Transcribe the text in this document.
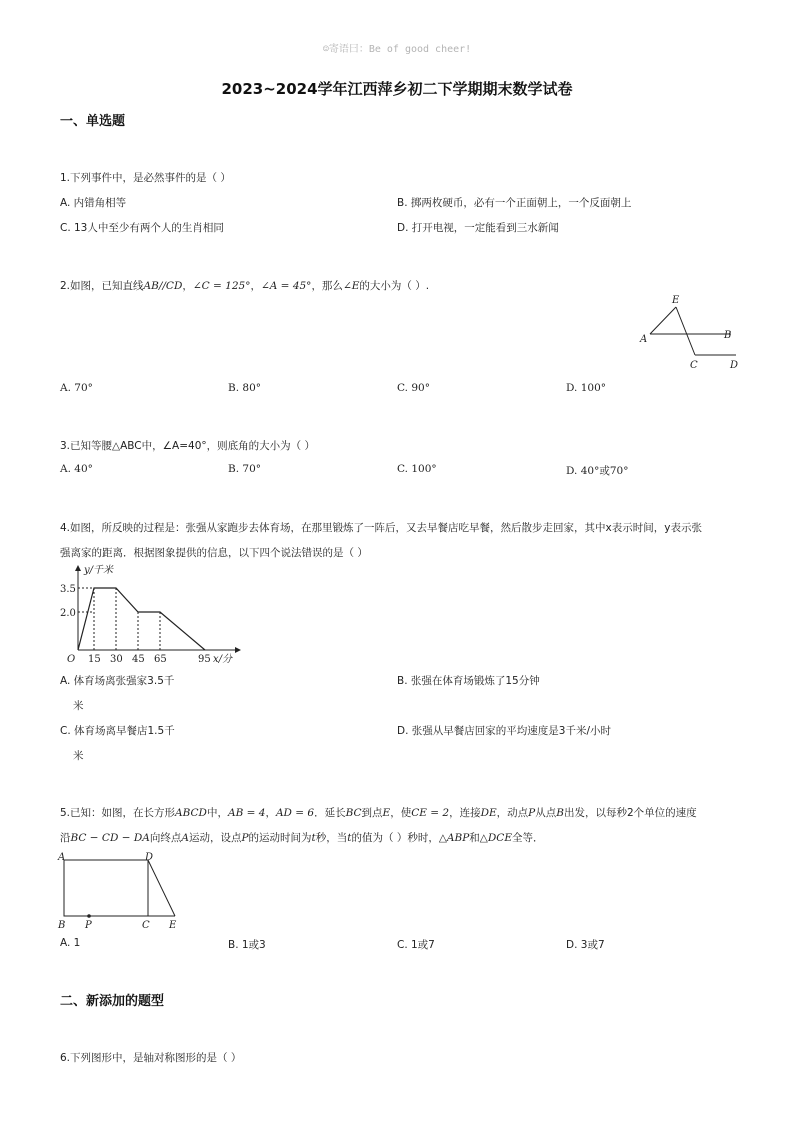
☺寄语曰：Be of good cheer!
2023~2024学年江西萍乡初二下学期期末数学试卷
一、单选题
1.下列事件中，是必然事件的是（ ）
A. 内错角相等	B. 掷两枚硬币，必有一个正面朝上，一个反面朝上
C. 13人中至少有两个人的生肖相同	D. 打开电视，一定能看到三水新闻
2.如图，已知直线AB//CD，∠C = 125°，∠A = 45°，那么∠E的大小为（ ）.
E
A	B
C	D
A. 70°	B. 80°	C. 90°	D. 100°
3.已知等腰△ABC中，∠A=40°，则底角的大小为（ ）
A. 40°	B. 70°	C. 100°	D. 40°或70°
4.如图，所反映的过程是：张强从家跑步去体育场，在那里锻炼了一阵后，又去早餐店吃早餐，然后散步走回家，其中x表示时间，y表示张
强离家的距离．根据图象提供的信息，以下四个说法错误的是（ ）
y/千米
x/分
O
3.5
2.0
15 30 45 65	95
A. 体育场离张强家3.5千
米
B. 张强在体育场锻炼了15分钟
C. 体育场离早餐店1.5千
米
D. 张强从早餐店回家的平均速度是3千米/小时
5.已知：如图，在长方形ABCD中，AB = 4，AD = 6．延长BC到点E，使CE = 2，连接DE，动点P从点B出发，以每秒2个单位的速度
沿BC − CD − DA向终点A运动，设点P的运动时间为t秒，当t的值为（ ）秒时，△ABP和△DCE全等．
A	D
B P	C E
A. 1	B. 1或3	C. 1或7	D. 3或7
二、新添加的题型
6.下列图形中，是轴对称图形的是（ ）
